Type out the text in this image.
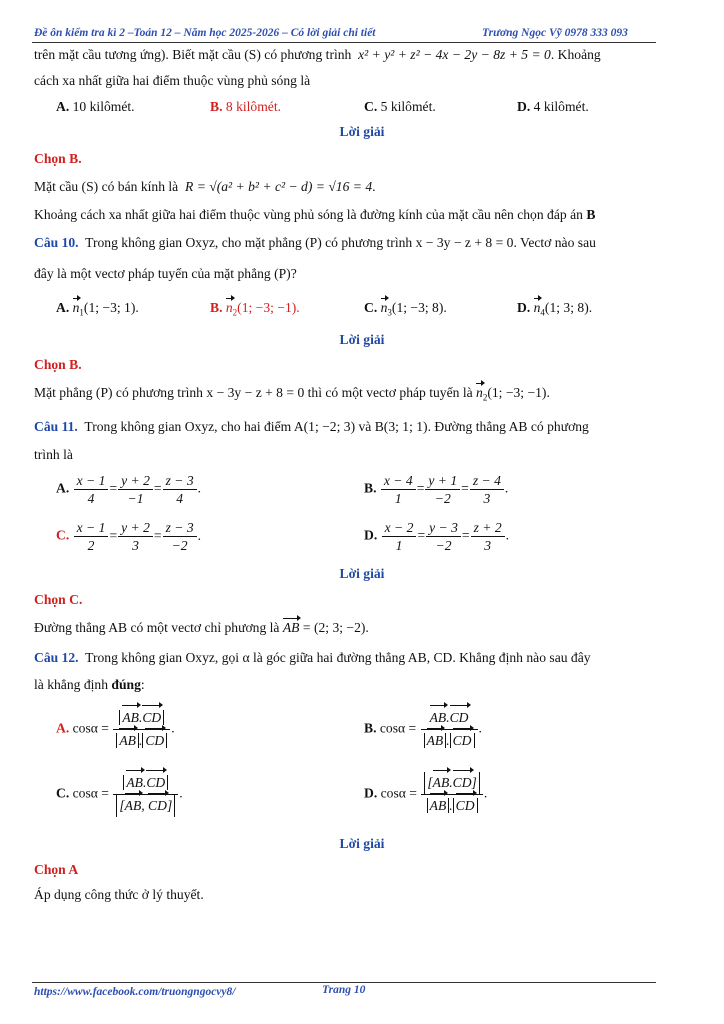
Đề ôn kiểm tra kì 2 –Toán 12 – Năm học 2025-2026 – Có lời giải chi tiết	Trương Ngọc Vỹ 0978 333 093
trên mặt cầu tương ứng). Biết mặt cầu (S) có phương trình x² + y² + z² − 4x − 2y − 8z + 5 = 0. Khoảng
cách xa nhất giữa hai điểm thuộc vùng phủ sóng là
A. 10 kilômét.	B. 8 kilômét.	C. 5 kilômét.	D. 4 kilômét.
Lời giải
Chọn B.
Mặt cầu (S) có bán kính là R = √(a² + b² + c² − d) = √16 = 4.
Khoảng cách xa nhất giữa hai điểm thuộc vùng phủ sóng là đường kính của mặt cầu nên chọn đáp án B
Câu 10. Trong không gian Oxyz, cho mặt phẳng (P) có phương trình x − 3y − z + 8 = 0. Vectơ nào sau
đây là một vectơ pháp tuyến của mặt phẳng (P)?
A. $n_1(1$; −3; 1).	B. $n_2(1$; −3; −1).	C. $n_3(1$; −3; 8).	D. $n_4(1$; 3; 8).
Lời giải
Chọn B.
Mặt phẳng (P) có phương trình x − 3y − z + 8 = 0 thì có một vectơ pháp tuyến là $n_2(1$; −3; −1).
Câu 11. Trong không gian Oxyz, cho hai điểm A(1; −2; 3) và B(3; 1; 1). Đường thẳng AB có phương
trình là
A. $\frac{x - 1}{4} = \frac{y + 2}{-1} = \frac{z - 3}{4}$ .	B. $\frac{x - 4}{1} = \frac{y + 1}{-2} = \frac{z - 4}{3}$ .
C. $\frac{x - 1}{2} = \frac{y + 2}{3} = \frac{z - 3}{-2}$ .	D. $\frac{x - 2}{1} = \frac{y - 3}{-2} = \frac{z + 2}{3}$ .
Lời giải
Chọn C.
Đường thẳng AB có một vectơ chỉ phương là AB = (2; 3; −2).
Câu 12. Trong không gian Oxyz, gọi α là góc giữa hai đường thẳng AB, CD. Khẳng định nào sau đây
là khẳng định đúng:
A. $\cos\alpha = \frac{AB.CD}{AB . CD}$ .	B. $\cos\alpha = \frac{AB.CD}{AB . CD}$ .
C. $\cos\alpha = \frac{AB.CD}{[AB, CD]}$ .	D. $\cos\alpha = \frac{[AB.CD]}{AB . CD}$ .
Lời giải
Chọn A
Áp dụng công thức ở lý thuyết.
https://www.facebook.com/truongngocvy8/	Trang 10
